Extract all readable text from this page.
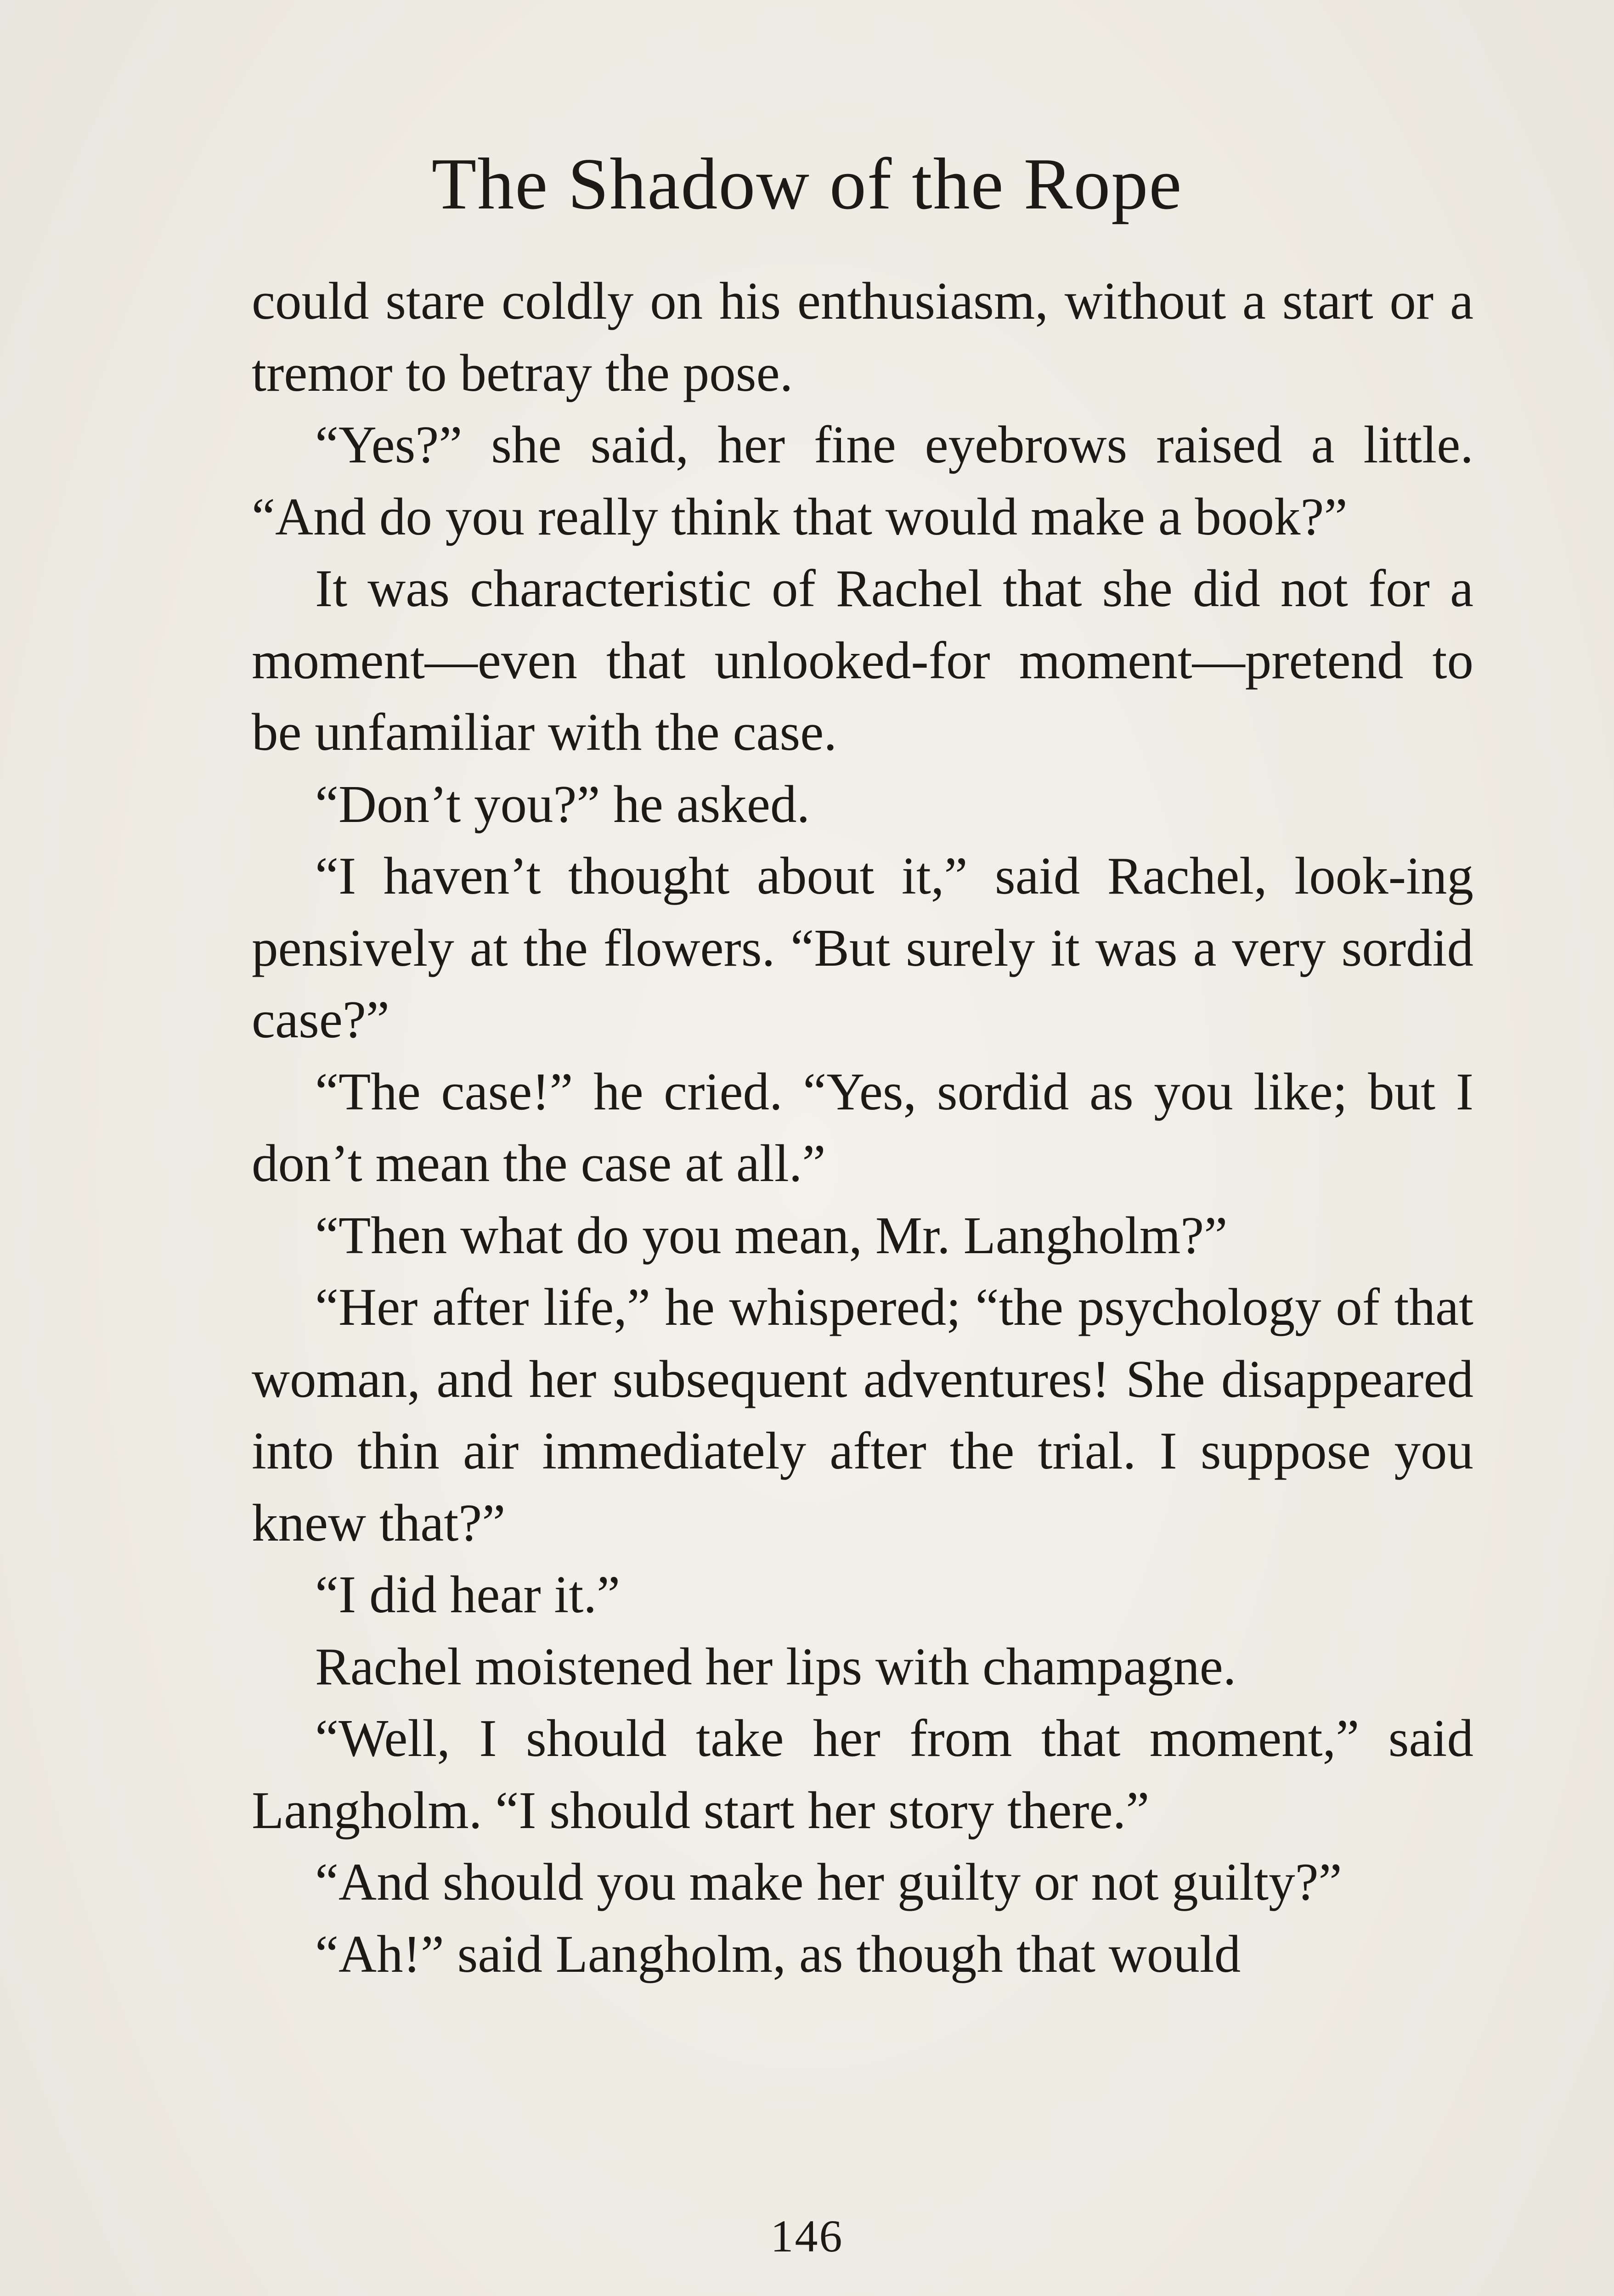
The Shadow of the Rope

could stare coldly on his enthusiasm, without a start or a tremor to betray the pose.

“Yes?” she said, her fine eyebrows raised a little. “And do you really think that would make a book?”

It was characteristic of Rachel that she did not for a moment—even that unlooked-for moment—pretend to be unfamiliar with the case.

“Don’t you?” he asked.

“I haven’t thought about it,” said Rachel, look-ing pensively at the flowers. “But surely it was a very sordid case?”

“The case!” he cried. “Yes, sordid as you like; but I don’t mean the case at all.”

“Then what do you mean, Mr. Langholm?”

“Her after life,” he whispered; “the psychology of that woman, and her subsequent adventures! She disappeared into thin air immediately after the trial. I suppose you knew that?”

“I did hear it.”

Rachel moistened her lips with champagne.

“Well, I should take her from that moment,” said Langholm. “I should start her story there.”

“And should you make her guilty or not guilty?”

“Ah!” said Langholm, as though that would

146
